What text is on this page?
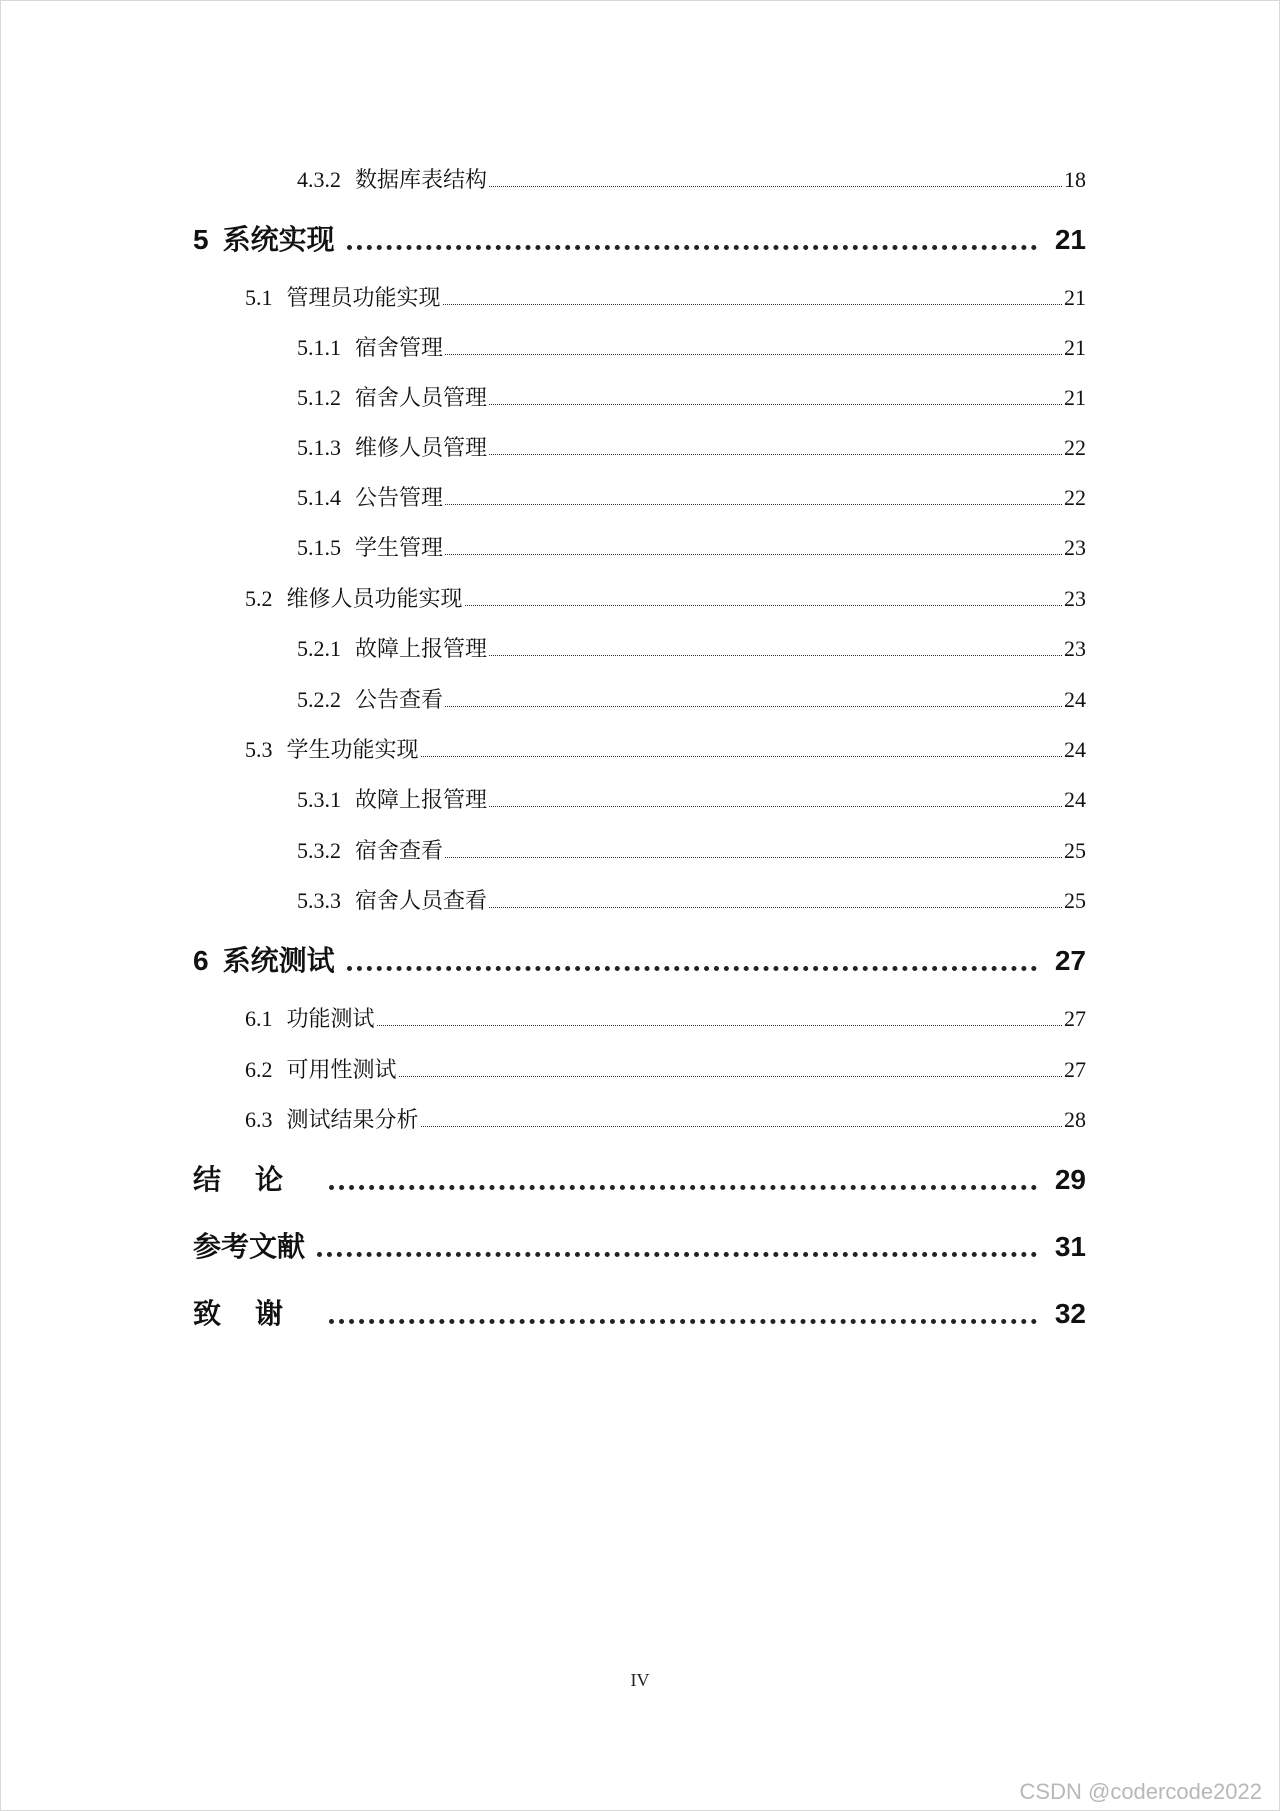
4.3.2 数据库表结构	18
5 系统实现	21
5.1 管理员功能实现	21
5.1.1 宿舍管理	21
5.1.2 宿舍人员管理	21
5.1.3 维修人员管理	22
5.1.4 公告管理	22
5.1.5 学生管理	23
5.2 维修人员功能实现	23
5.2.1 故障上报管理	23
5.2.2 公告查看	24
5.3 学生功能实现	24
5.3.1 故障上报管理	24
5.3.2 宿舍查看	25
5.3.3 宿舍人员查看	25
6 系统测试	27
6.1 功能测试	27
6.2 可用性测试	27
6.3 测试结果分析	28
结论	29
参考文献	31
致谢	32
IV
CSDN @codercode2022
